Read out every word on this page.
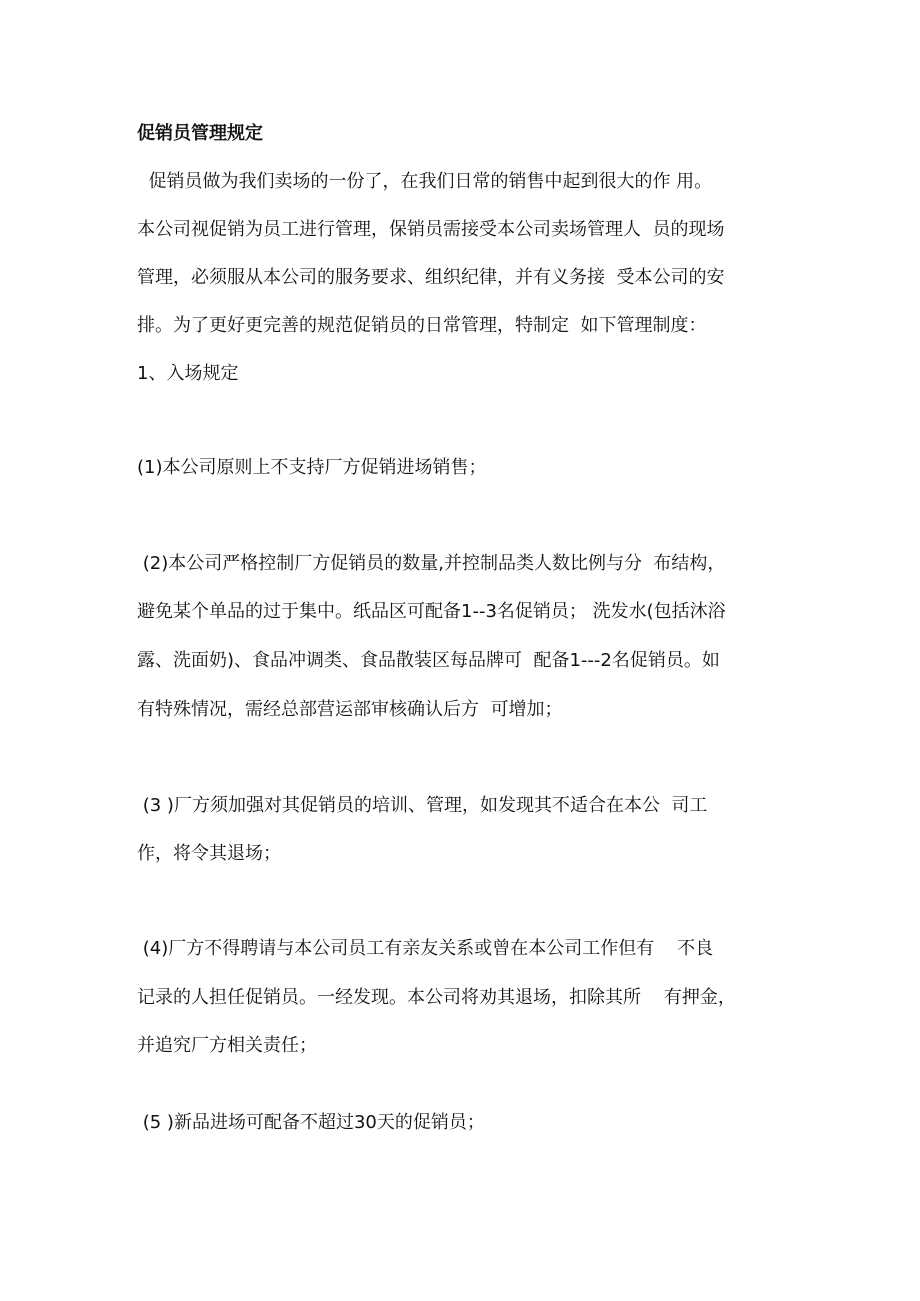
促销员管理规定

促销员做为我们卖场的一份了，在我们日常的销售中起到很大的作 用。

本公司视促销为员工进行管理，保销员需接受本公司卖场管理人  员的现场

管理，必须服从本公司的服务要求、组织纪律，并有义务接  受本公司的安

排。为了更好更完善的规范促销员的日常管理，特制定  如下管理制度：

1、入场规定

(1)本公司原则上不支持厂方促销进场销售；

(2)本公司严格控制厂方促销员的数量,并控制品类人数比例与分  布结构，

避免某个单品的过于集中。纸品区可配备1--3名促销员； 洗发水(包括沐浴

露、洗面奶)、食品冲调类、食品散装区每品牌可  配备1---2名促销员。如

有特殊情况，需经总部营运部审核确认后方  可增加；

(3 )厂方须加强对其促销员的培训、管理，如发现其不适合在本公  司工

作，将令其退场；

(4)厂方不得聘请与本公司员工有亲友关系或曾在本公司工作但有    不良

记录的人担任促销员。一经发现。本公司将劝其退场，扣除其所    有押金，

并追究厂方相关责任；

(5 )新品进场可配备不超过30天的促销员；
